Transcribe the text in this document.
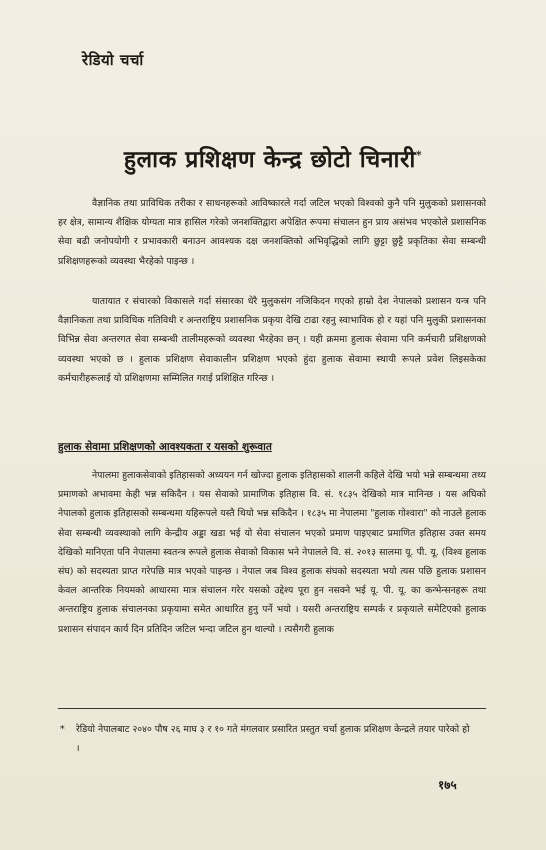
रेडियो चर्चा
हुलाक प्रशिक्षण केन्द्र छोटो चिनारी*

वैज्ञानिक तथा प्राविधिक तरीका र साधनहरूको आविष्कारले गर्दा जटिल भएको विश्वको कुनै पनि मुलुकको प्रशासनको हर क्षेत्र, सामान्य शैक्षिक योग्यता मात्र हासिल गरेको जनशक्तिद्वारा अपेक्षित रूपमा संचालन हुन प्राय असंभव भएकोले प्रशासनिक सेवा बढी जनोपयोगी र प्रभावकारी बनाउन आवश्यक दक्ष जनशक्तिको अभिवृद्धिको लागि छुट्टा छुट्टै प्रकृतिका सेवा सम्बन्धी प्रशिक्षणहरूको व्यवस्था भैरहेको पाइन्छ ।

यातायात र संचारको विकासले गर्दा संसारका धेरै मुलुकसंग नजिकिदन गएको हाम्रो देश नेपालको प्रशासन यन्त्र पनि वैज्ञानिकता तथा प्राविधिक गतिविधी र अन्तराष्ट्रिय प्रशासनिक प्रकृया देखि टाढा रहनु स्वाभाविक हो र यहां पनि मुलुकी प्रशासनका विभिन्न सेवा अन्तरगत सेवा सम्बन्धी तालीमहरूको व्यवस्था भैरहेका छन् । यही क्रममा हुलाक सेवामा पनि कर्मचारी प्रशिक्षणको व्यवस्था भएको छ । हुलाक प्रशिक्षण सेवाकालीन प्रशिक्षण भएको हुंदा हुलाक सेवामा स्थायी रूपले प्रवेश लिइसकेका कर्मचारीहरूलाई यो प्रशिक्षणमा सम्मिलित गराई प्रशिक्षित गरिन्छ ।

हुलाक सेवामा प्रशिक्षणको आवश्यकता र यसको शुरूवात

नेपालमा हुलाकसेवाको इतिहासको अध्ययन गर्न खोज्दा हुलाक इतिहासको शालनी कहिले देखि भयो भन्ने सम्बन्धमा तथ्य प्रमाणको अभावमा केही भन्न सकिदैन । यस सेवाको प्रामाणिक इतिहास वि. सं. १८३५ देखिको मात्र मानिन्छ । यस अघिको नेपालको हुलाक इतिहासको सम्बन्धमा यहिरूपले यस्तै थियो भन्न सकिदैन । १८३५ मा नेपालमा "हुलाक गोश्वारा" को नाउले हुलाक सेवा सम्बन्धी व्यवस्थाको लागि केन्द्रीय अड्डा खडा भई यो सेवा संचालन भएको प्रमाण पाइएबाट प्रमाणित इतिहास उक्त समय देखिको मानिएता पनि नेपालमा स्वतन्त्र रूपले हुलाक सेवाको विकास भने नेपालले वि. सं. २०१३ सालमा यू. पी. यू. (विश्व हुलाक संघ) को सदस्यता प्राप्त गरेपछि मात्र भएको पाइन्छ । नेपाल जब विश्व हुलाक संघको सदस्यता भयो त्यस पछि हुलाक प्रशासन केवल आन्तरिक नियमको आधारमा मात्र संचालन गरेर यसको उद्देश्य पूरा हुन नसक्ने भई यू. पी. यू. का कन्भेन्सनहरू तथा अन्तराष्ट्रिय हुलाक संचालनका प्रकृयामा समेत आधारित हुनु पर्ने भयो । यसरी अन्तराष्ट्रिय सम्पर्क र प्रकृयाले समेटिएको हुलाक प्रशासन संपादन कार्य दिन प्रतिदिन जटिल भन्दा जटिल हुन थाल्यो । त्यसैगरी हुलाक

* रेडियो नेपालबाट २०४० पौष २६ माघ ३ र १० गते मंगलवार प्रसारित प्रस्तुत चर्चा हुलाक प्रशिक्षण केन्द्रले तयार पारेको हो ।
१७५
